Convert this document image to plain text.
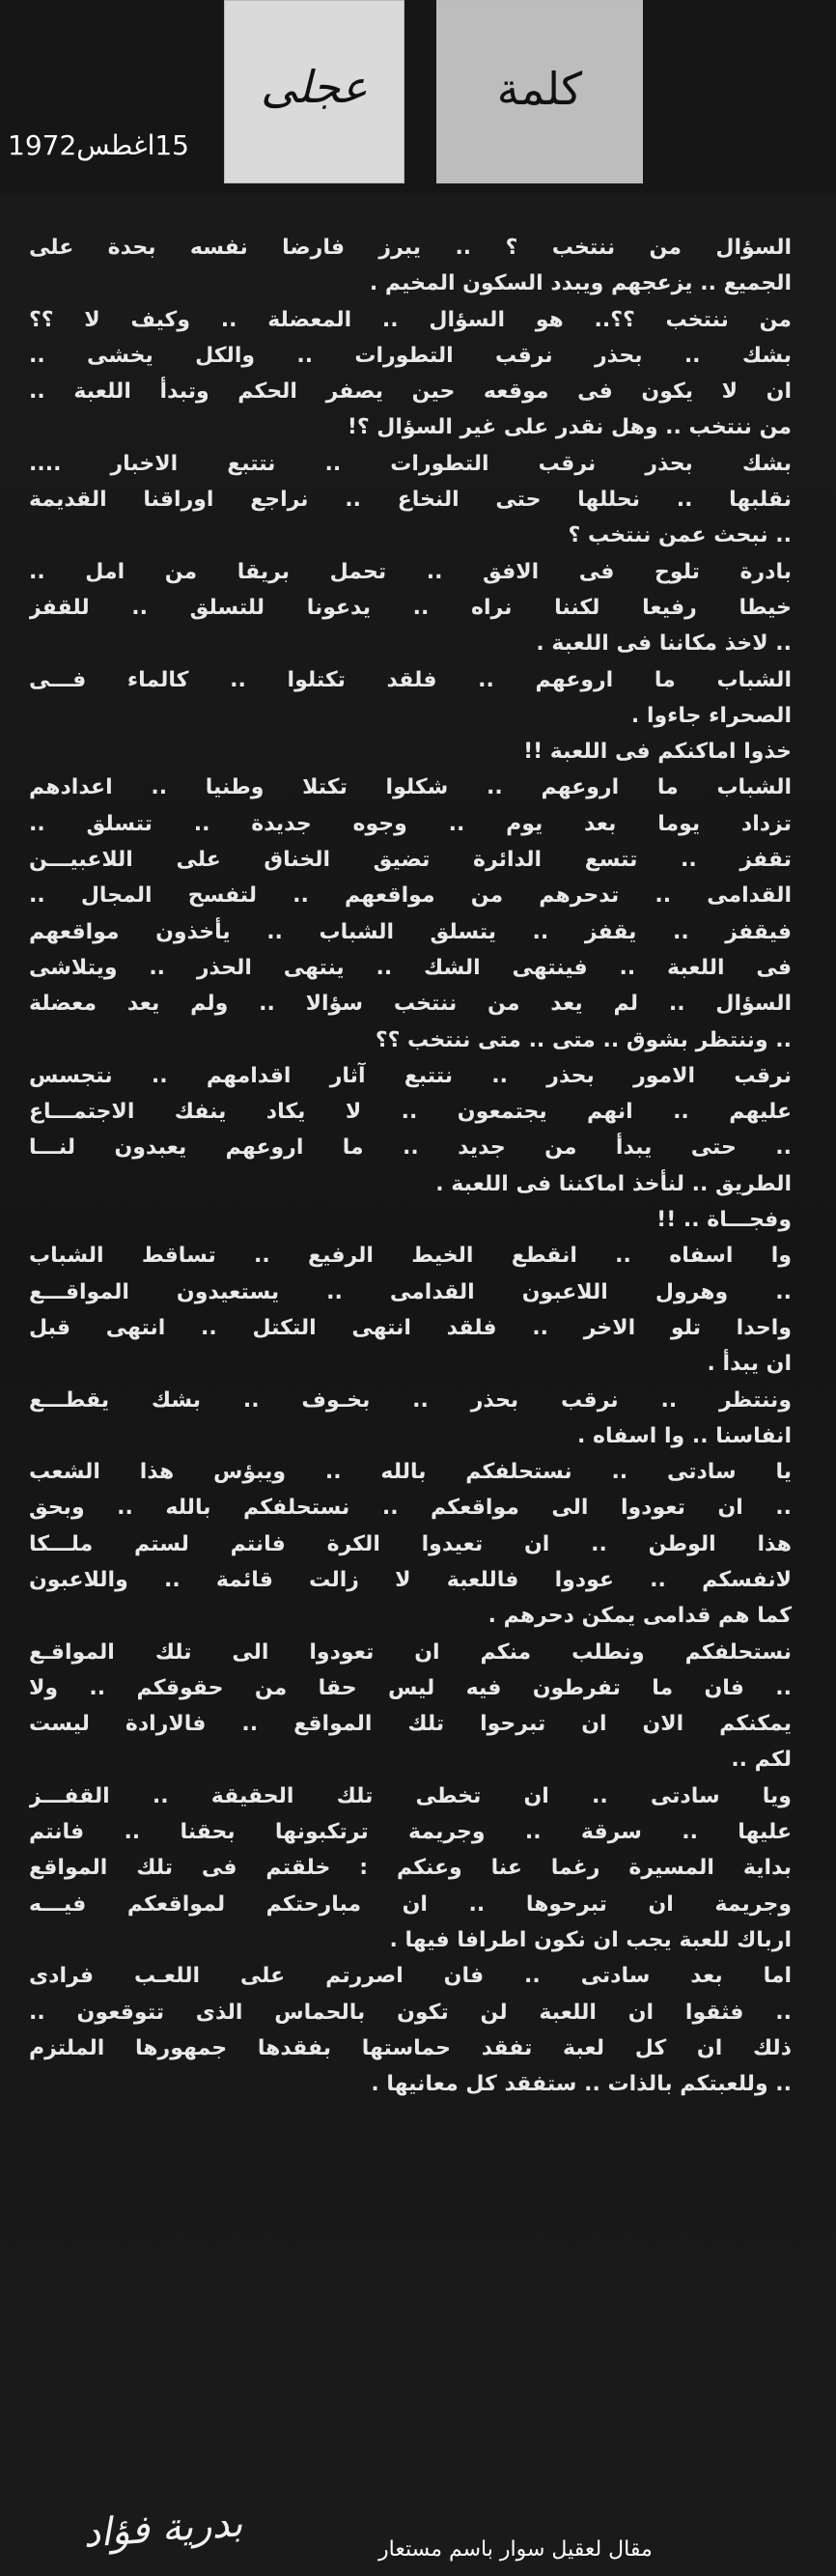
عجلى	كلمة
15اغطس1972
السؤال من ننتخب ؟ .. يبرز فارضا نفسه بحدة على
الجميع .. يزعجهم ويبدد السكون المخيم .
من ننتخب ؟؟.. هو السؤال .. المعضلة .. وكيف لا ؟؟
بشك .. بحذر نرقب التطورات .. والكل يخشى ..
ان لا يكون فى موقعه حين يصفر الحكم وتبدأ اللعبة ..
من ننتخب .. وهل نقدر على غير السؤال ؟!
بشك بحذر نرقب التطورات .. نتتبع الاخبار ....
نقلبها .. نحللها حتى النخاع .. نراجع اوراقنا القديمة
.. نبحث عمن ننتخب ؟
بادرة تلوح فى الافق .. تحمل بريقا من امل ..
خيطا رفيعا لكننا نراه .. يدعونا للتسلق .. للقفز
.. لاخذ مكاننا فى اللعبة .
الشباب ما اروعهم .. فلقد تكتلوا .. كالماء فـــى
الصحراء جاءوا .
خذوا اماكنكم فى اللعبة !!
الشباب ما اروعهم .. شكلوا تكتلا وطنيا .. اعدادهم
تزداد يوما بعد يوم .. وجوه جديدة .. تتسلق ..
تقفز .. تتسع الدائرة تضيق الخناق على اللاعبيـــن
القدامى .. تدحرهم من مواقعهم .. لتفسح المجال ..
فيقفز .. يقفز .. يتسلق الشباب .. يأخذون مواقعهم
فى اللعبة .. فينتهى الشك .. ينتهى الحذر .. ويتلاشى
السؤال .. لم يعد من ننتخب سؤالا .. ولم يعد معضلة
.. وننتظر بشوق .. متى .. متى ننتخب ؟؟
نرقب الامور بحذر .. نتتبع آثار اقدامهم .. نتجسس
عليهم .. انهم يجتمعون .. لا يكاد ينفك الاجتمـــاع
.. حتى يبدأ من جديد .. ما اروعهم يعبدون لنـــا
الطريق .. لنأخذ اماكننا فى اللعبة .
وفجـــاة .. !!
وا اسفاه .. انقطع الخيط الرفيع .. تساقط الشباب
.. وهرول اللاعبون القدامى .. يستعيدون المواقـــع
واحدا تلو الاخر .. فلقد انتهى التكتل .. انتهى قبل
ان يبدأ .
وننتظر .. نرقب بحذر .. بخـوف .. بشك يقطـــع
انفاسنا .. وا اسفاه .
يا سادتى .. نستحلفكم بالله .. ويبؤس هذا الشعب
.. ان تعودوا الى مواقعكم .. نستحلفكم بالله .. وبحق
هذا الوطن .. ان تعيدوا الكرة فانتم لستم ملـــكا
لانفسكم .. عودوا فاللعبة لا زالت قائمة .. واللاعبون
كما هم قدامى يمكن دحرهم .
نستحلفكم ونطلب منكم ان تعودوا الى تلك المواقـع
.. فان ما تفرطون فيه ليس حقا من حقوقكم .. ولا
يمكنكم الان ان تبرحوا تلك المواقع .. فالارادة ليست
لكم ..
ويا سادتى .. ان تخطى تلك الحقيقة .. القفـــز
عليها .. سرقة .. وجريمة ترتكبونها بحقنا .. فانتم
بداية المسيرة رغما عنا وعنكم : خلقتم فى تلك المواقع
وجريمة ان تبرحوها .. ان مبارحتكم لمواقعكم فيـــه
ارباك للعبة يجب ان نكون اطرافا فيها .
اما بعد سادتى .. فان اصررتم على اللعـب فرادى
.. فثقوا ان اللعبة لن تكون بالحماس الذى تتوقعون ..
ذلك ان كل لعبة تفقد حماستها بفقدها جمهورها الملتزم
.. وللعبتكم بالذات .. ستفقد كل معانيها .
بدرية فؤاد	مقال لعقيل سوار باسم مستعار
